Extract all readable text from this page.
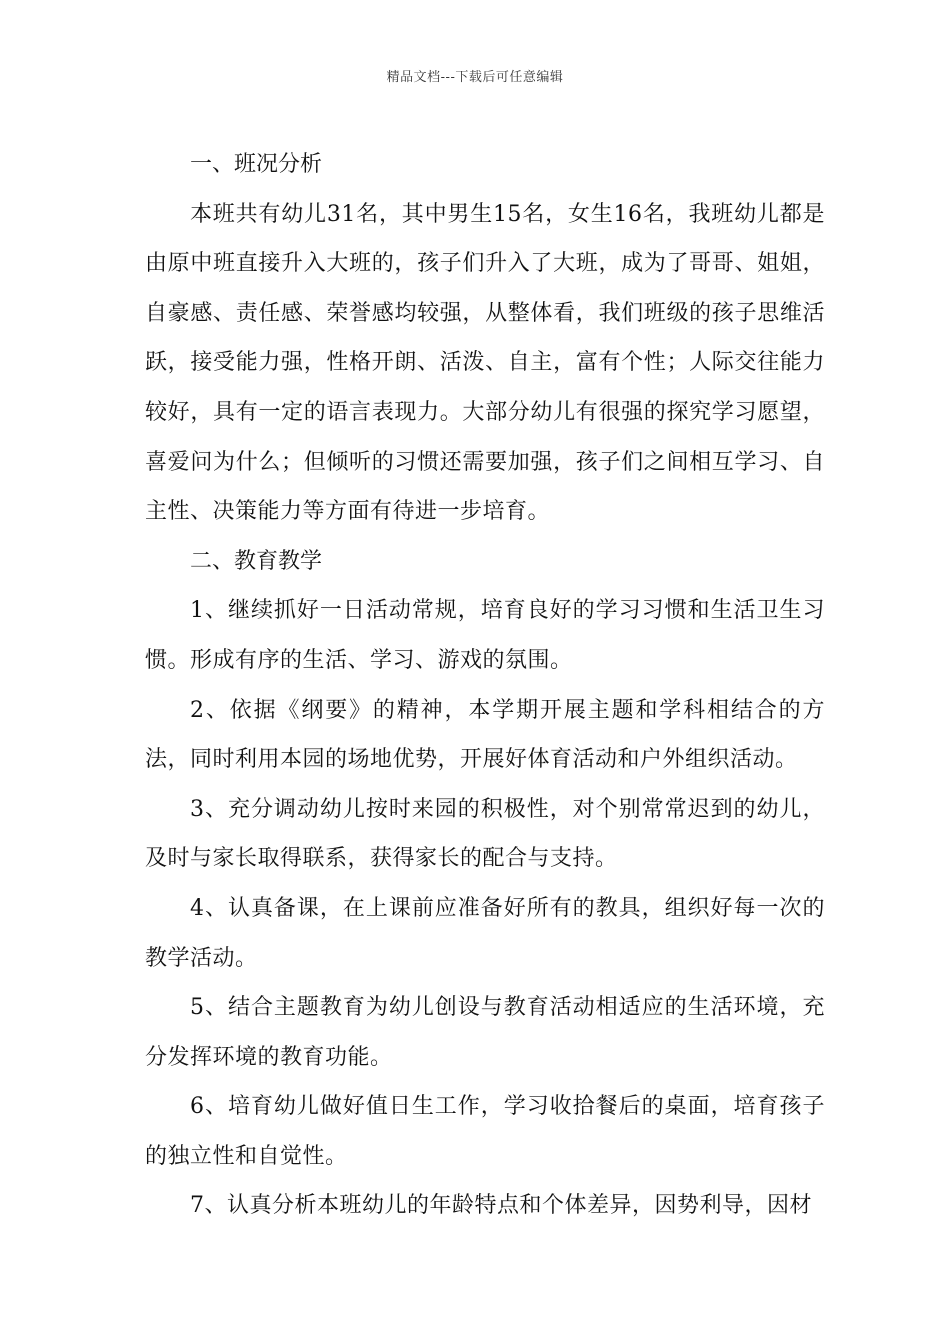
精品文档---下载后可任意编辑

一、班况分析

本班共有幼儿31名，其中男生15名，女生16名，我班幼儿都是由原中班直接升入大班的，孩子们升入了大班，成为了哥哥、姐姐，自豪感、责任感、荣誉感均较强，从整体看，我们班级的孩子思维活跃，接受能力强，性格开朗、活泼、自主，富有个性；人际交往能力较好，具有一定的语言表现力。大部分幼儿有很强的探究学习愿望，喜爱问为什么；但倾听的习惯还需要加强，孩子们之间相互学习、自主性、决策能力等方面有待进一步培育。

二、教育教学

1、继续抓好一日活动常规，培育良好的学习习惯和生活卫生习惯。形成有序的生活、学习、游戏的氛围。

2、依据《纲要》的精神，本学期开展主题和学科相结合的方法，同时利用本园的场地优势，开展好体育活动和户外组织活动。

3、充分调动幼儿按时来园的积极性，对个别常常迟到的幼儿，及时与家长取得联系，获得家长的配合与支持。

4、认真备课，在上课前应准备好所有的教具，组织好每一次的教学活动。

5、结合主题教育为幼儿创设与教育活动相适应的生活环境，充分发挥环境的教育功能。

6、培育幼儿做好值日生工作，学习收拾餐后的桌面，培育孩子的独立性和自觉性。

7、认真分析本班幼儿的年龄特点和个体差异，因势利导，因材
